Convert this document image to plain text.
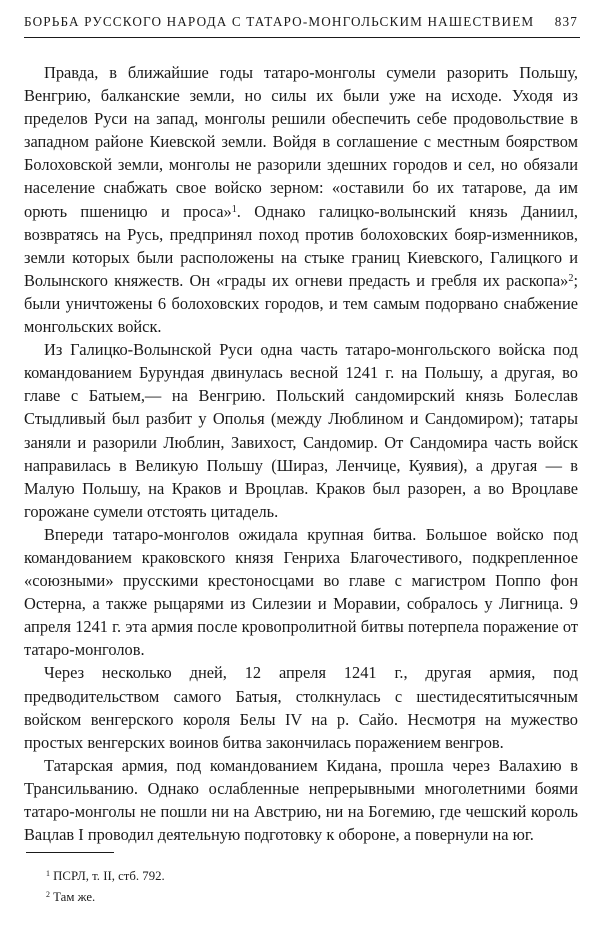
БОРЬБА РУССКОГО НАРОДА С ТАТАРО-МОНГОЛЬСКИМ НАШЕСТВИЕМ 837

Правда, в ближайшие годы татаро-монголы сумели разорить Польшу, Венгрию, балканские земли, но силы их были уже на исходе. Уходя из пределов Руси на запад, монголы решили обеспечить себе продовольствие в западном районе Киевской земли. Войдя в соглашение с местным боярством Болоховской земли, монголы не разорили здешних городов и сел, но обязали население снабжать свое войско зерном: «оставили бо их татарове, да им орють пшеницю и проса»$^1$. Однако галицко-волынский князь Даниил, возвратясь на Русь, предпринял поход против болоховских бояр-изменников, земли которых были расположены на стыке границ Киевского, Галицкого и Волынского княжеств. Он «грады их огневи предасть и гребля их раскопа»$^2$; были уничтожены 6 болоховских городов, и тем самым подорвано снабжение монгольских войск.

Из Галицко-Волынской Руси одна часть татаро-монгольского войска под командованием Бурундая двинулась весной 1241 г. на Польшу, а другая, во главе с Батыем,— на Венгрию. Польский сандомирский князь Болеслав Стыдливый был разбит у Ополья (между Люблином и Сандомиром); татары заняли и разорили Люблин, Завихост, Сандомир. От Сандомира часть войск направилась в Великую Польшу (Шираз, Ленчице, Куявия), а другая — в Малую Польшу, на Краков и Вроцлав. Краков был разорен, а во Вроцлаве горожане сумели отстоять цитадель.

Впереди татаро-монголов ожидала крупная битва. Большое войско под командованием краковского князя Генриха Благочестивого, подкрепленное «союзными» прусскими крестоносцами во главе с магистром Поппо фон Остерна, а также рыцарями из Силезии и Моравии, собралось у Лигница. 9 апреля 1241 г. эта армия после кровопролитной битвы потерпела поражение от татаро-монголов.

Через несколько дней, 12 апреля 1241 г., другая армия, под предводительством самого Батыя, столкнулась с шестидесятитысячным войском венгерского короля Белы IV на р. Сайо. Несмотря на мужество простых венгерских воинов битва закончилась поражением венгров.

Татарская армия, под командованием Кидана, прошла через Валахию в Трансильванию. Однако ослабленные непрерывными многолетними боями татаро-монголы не пошли ни на Австрию, ни на Богемию, где чешский король Вацлав I проводил деятельную подготовку к обороне, а повернули на юг.

$^1$ ПСРЛ, т. II, стб. 792.
$^2$ Там же.
